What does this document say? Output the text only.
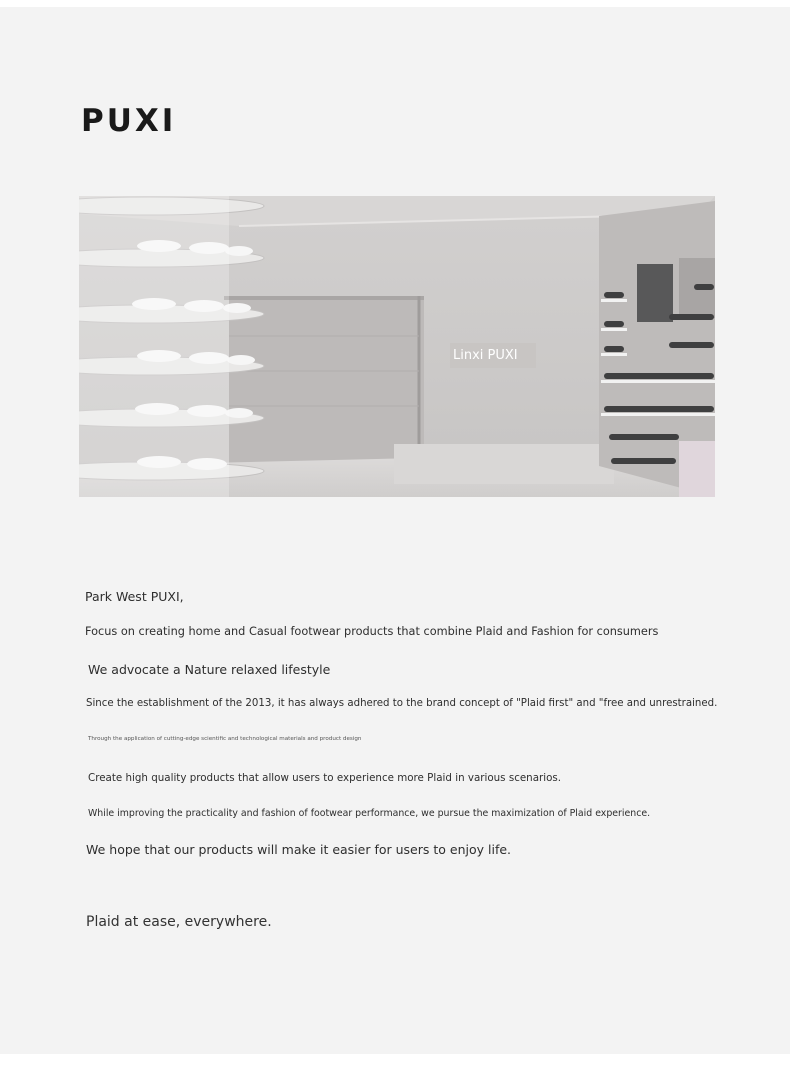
PUXI
Linxi PUXI
Park West PUXI,
Focus on creating home and Casual footwear products that combine Plaid and Fashion for consumers
We advocate a Nature relaxed lifestyle
Since the establishment of the 2013, it has always adhered to the brand concept of "Plaid first" and "free and unrestrained.
Through the application of cutting-edge scientific and technological materials and product design
Create high quality products that allow users to experience more Plaid in various scenarios.
While improving the practicality and fashion of footwear performance, we pursue the maximization of Plaid experience.
We hope that our products will make it easier for users to enjoy life.
Plaid at ease, everywhere.
